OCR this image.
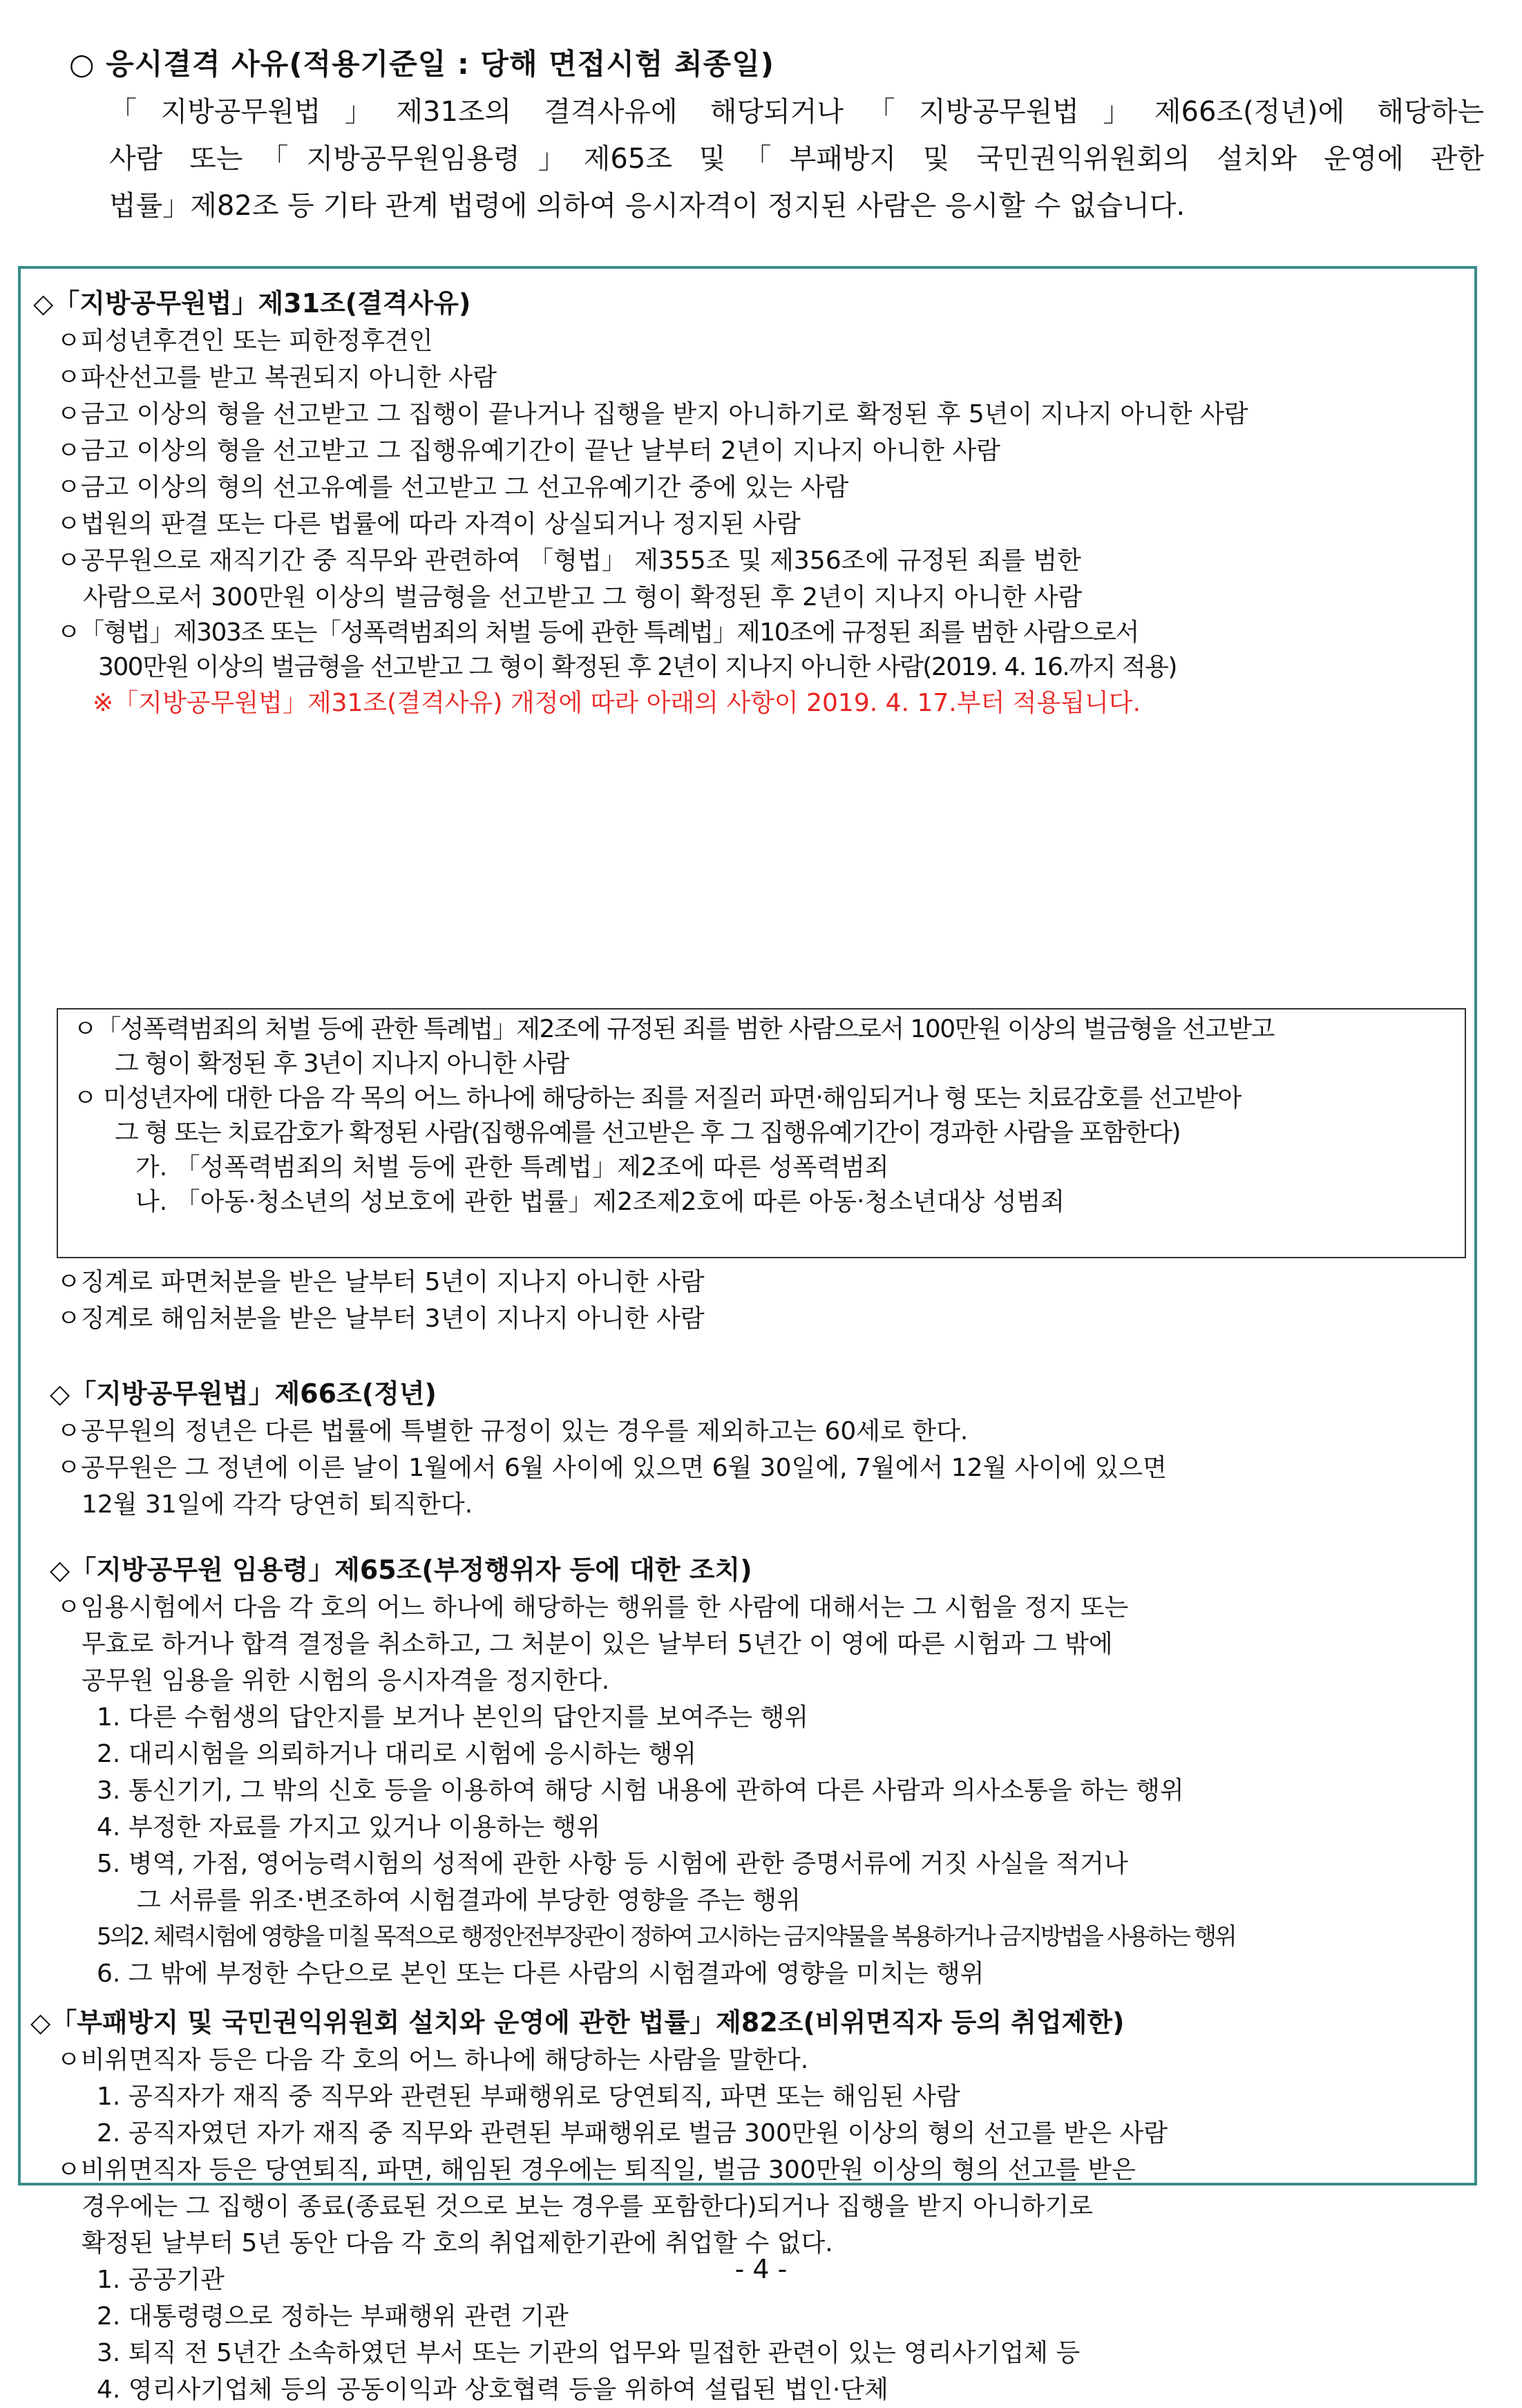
○ 응시결격 사유(적용기준일 : 당해 면접시험 최종일)
「지방공무원법」제31조의 결격사유에 해당되거나「지방공무원법」제66조(정년)에 해당하는
사람 또는「지방공무원임용령」제65조 및「부패방지 및 국민권익위원회의 설치와 운영에 관한
법률」제82조 등 기타 관계 법령에 의하여 응시자격이 정지된 사람은 응시할 수 없습니다.
◇「지방공무원법」제31조(결격사유)
ㅇ피성년후견인 또는 피한정후견인
ㅇ파산선고를 받고 복권되지 아니한 사람
ㅇ금고 이상의 형을 선고받고 그 집행이 끝나거나 집행을 받지 아니하기로 확정된 후 5년이 지나지 아니한 사람
ㅇ금고 이상의 형을 선고받고 그 집행유예기간이 끝난 날부터 2년이 지나지 아니한 사람
ㅇ금고 이상의 형의 선고유예를 선고받고 그 선고유예기간 중에 있는 사람
ㅇ법원의 판결 또는 다른 법률에 따라 자격이 상실되거나 정지된 사람
ㅇ공무원으로 재직기간 중 직무와 관련하여 「형법」 제355조 및 제356조에 규정된 죄를 범한
사람으로서 300만원 이상의 벌금형을 선고받고 그 형이 확정된 후 2년이 지나지 아니한 사람
ㅇ「형법」제303조 또는「성폭력범죄의 처벌 등에 관한 특례법」제10조에 규정된 죄를 범한 사람으로서
300만원 이상의 벌금형을 선고받고 그 형이 확정된 후 2년이 지나지 아니한 사람(2019. 4. 16.까지 적용)
※「지방공무원법」제31조(결격사유) 개정에 따라 아래의 사항이 2019. 4. 17.부터 적용됩니다.
ㅇ「성폭력범죄의 처벌 등에 관한 특례법」제2조에 규정된 죄를 범한 사람으로서 100만원 이상의 벌금형을 선고받고
그 형이 확정된 후 3년이 지나지 아니한 사람
ㅇ 미성년자에 대한 다음 각 목의 어느 하나에 해당하는 죄를 저질러 파면‧해임되거나 형 또는 치료감호를 선고받아
그 형 또는 치료감호가 확정된 사람(집행유예를 선고받은 후 그 집행유예기간이 경과한 사람을 포함한다)
가. 「성폭력범죄의 처벌 등에 관한 특례법」제2조에 따른 성폭력범죄
나. 「아동‧청소년의 성보호에 관한 법률」제2조제2호에 따른 아동‧청소년대상 성범죄
ㅇ징계로 파면처분을 받은 날부터 5년이 지나지 아니한 사람
ㅇ징계로 해임처분을 받은 날부터 3년이 지나지 아니한 사람
◇「지방공무원법」제66조(정년)
ㅇ공무원의 정년은 다른 법률에 특별한 규정이 있는 경우를 제외하고는 60세로 한다.
ㅇ공무원은 그 정년에 이른 날이 1월에서 6월 사이에 있으면 6월 30일에, 7월에서 12월 사이에 있으면
12월 31일에 각각 당연히 퇴직한다.
◇「지방공무원 임용령」제65조(부정행위자 등에 대한 조치)
ㅇ임용시험에서 다음 각 호의 어느 하나에 해당하는 행위를 한 사람에 대해서는 그 시험을 정지 또는
무효로 하거나 합격 결정을 취소하고, 그 처분이 있은 날부터 5년간 이 영에 따른 시험과 그 밖에
공무원 임용을 위한 시험의 응시자격을 정지한다.
1. 다른 수험생의 답안지를 보거나 본인의 답안지를 보여주는 행위
2. 대리시험을 의뢰하거나 대리로 시험에 응시하는 행위
3. 통신기기, 그 밖의 신호 등을 이용하여 해당 시험 내용에 관하여 다른 사람과 의사소통을 하는 행위
4. 부정한 자료를 가지고 있거나 이용하는 행위
5. 병역, 가점, 영어능력시험의 성적에 관한 사항 등 시험에 관한 증명서류에 거짓 사실을 적거나
그 서류를 위조‧변조하여 시험결과에 부당한 영향을 주는 행위
5의2. 체력시험에 영향을 미칠 목적으로 행정안전부장관이 정하여 고시하는 금지약물을 복용하거나 금지방법을 사용하는 행위
6. 그 밖에 부정한 수단으로 본인 또는 다른 사람의 시험결과에 영향을 미치는 행위
◇「부패방지 및 국민권익위원회 설치와 운영에 관한 법률」제82조(비위면직자 등의 취업제한)
ㅇ비위면직자 등은 다음 각 호의 어느 하나에 해당하는 사람을 말한다.
1. 공직자가 재직 중 직무와 관련된 부패행위로 당연퇴직, 파면 또는 해임된 사람
2. 공직자였던 자가 재직 중 직무와 관련된 부패행위로 벌금 300만원 이상의 형의 선고를 받은 사람
ㅇ비위면직자 등은 당연퇴직, 파면, 해임된 경우에는 퇴직일, 벌금 300만원 이상의 형의 선고를 받은
경우에는 그 집행이 종료(종료된 것으로 보는 경우를 포함한다)되거나 집행을 받지 아니하기로
확정된 날부터 5년 동안 다음 각 호의 취업제한기관에 취업할 수 없다.
1. 공공기관
2. 대통령령으로 정하는 부패행위 관련 기관
3. 퇴직 전 5년간 소속하였던 부서 또는 기관의 업무와 밀접한 관련이 있는 영리사기업체 등
4. 영리사기업체 등의 공동이익과 상호협력 등을 위하여 설립된 법인·단체
- 4 -
